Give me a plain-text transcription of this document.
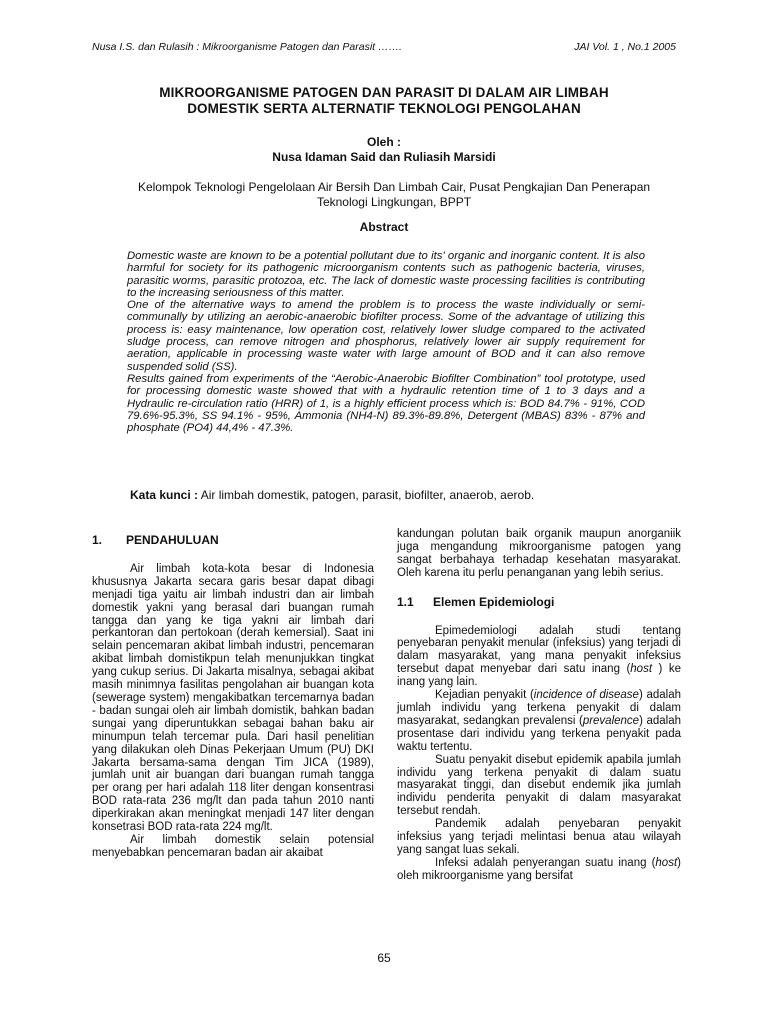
Nusa I.S. dan Rulasih : Mikroorganisme Patogen dan Parasit …….	JAI Vol. 1 , No.1 2005
MIKROORGANISME PATOGEN DAN PARASIT DI DALAM AIR LIMBAH
DOMESTIK SERTA ALTERNATIF TEKNOLOGI PENGOLAHAN
Oleh :
Nusa Idaman Said dan Ruliasih Marsidi
Kelompok Teknologi Pengelolaan Air Bersih Dan Limbah Cair, Pusat Pengkajian Dan Penerapan Teknologi Lingkungan, BPPT
Abstract

Domestic waste are known to be a potential pollutant due to its' organic and inorganic content. It is also harmful for society for its pathogenic microorganism contents such as pathogenic bacteria, viruses, parasitic worms, parasitic protozoa, etc. The lack of domestic waste processing facilities is contributing to the increasing seriousness of this matter.

One of the alternative ways to amend the problem is to process the waste individually or semi-communally by utilizing an aerobic-anaerobic biofilter process. Some of the advantage of utilizing this process is: easy maintenance, low operation cost, relatively lower sludge compared to the activated sludge process, can remove nitrogen and phosphorus, relatively lower air supply requirement for aeration, applicable in processing waste water with large amount of BOD and it can also remove suspended solid (SS).

Results gained from experiments of the “Aerobic-Anaerobic Biofilter Combination” tool prototype, used for processing domestic waste showed that with a hydraulic retention time of 1 to 3 days and a Hydraulic re-circulation ratio (HRR) of 1, is a highly efficient process which is: BOD 84.7% - 91%, COD 79.6%-95.3%, SS 94.1% - 95%, Ammonia (NH4-N) 89.3%-89.8%, Detergent (MBAS) 83% - 87% and phosphate (PO4) 44,4% - 47.3%.

Kata kunci : Air limbah domestik, patogen, parasit, biofilter, anaerob, aerob.
1.	PENDAHULUAN

Air limbah kota-kota besar di Indonesia khususnya Jakarta secara garis besar dapat dibagi menjadi tiga yaitu air limbah industri dan air limbah domestik yakni yang berasal dari buangan rumah tangga dan yang ke tiga yakni air limbah dari perkantoran dan pertokoan (derah kemersial). Saat ini selain pencemaran akibat limbah industri, pencemaran akibat limbah domistikpun telah menunjukkan tingkat yang cukup serius. Di Jakarta misalnya, sebagai akibat masih minimnya fasilitas pengolahan air buangan kota (sewerage system) mengakibatkan tercemarnya badan - badan sungai oleh air limbah domistik, bahkan badan sungai yang diperuntukkan sebagai bahan baku air minumpun telah tercemar pula. Dari hasil penelitian yang dilakukan oleh Dinas Pekerjaan Umum (PU) DKI Jakarta bersama-sama dengan Tim JICA (1989), jumlah unit air buangan dari buangan rumah tangga per orang per hari adalah 118 liter dengan konsentrasi BOD rata-rata 236 mg/lt dan pada tahun 2010 nanti diperkirakan akan meningkat menjadi 147 liter dengan konsetrasi BOD rata-rata 224 mg/lt.

Air limbah domestik selain potensial menyebabkan pencemaran badan air akaibat

kandungan polutan baik organik maupun anorganiik juga mengandung mikroorganisme patogen yang sangat berbahaya terhadap kesehatan masyarakat. Oleh karena itu perlu penanganan yang lebih serius.

1.1	Elemen Epidemiologi

Epimedemiologi adalah studi tentang penyebaran penyakit menular (infeksius) yang terjadi di dalam masyarakat, yang mana penyakit infeksius tersebut dapat menyebar dari satu inang (host ) ke inang yang lain.

Kejadian penyakit (incidence of disease) adalah jumlah individu yang terkena penyakit di dalam masyarakat, sedangkan prevalensi (prevalence) adalah prosentase dari individu yang terkena penyakit pada waktu tertentu.

Suatu penyakit disebut epidemik apabila jumlah individu yang terkena penyakit di dalam suatu masyarakat tinggi, dan disebut endemik jika jumlah individu penderita penyakit di dalam masyarakat tersebut rendah.

Pandemik adalah penyebaran penyakit infeksius yang terjadi melintasi benua atau wilayah yang sangat luas sekali.

Infeksi adalah penyerangan suatu inang (host) oleh mikroorganisme yang bersifat

65
